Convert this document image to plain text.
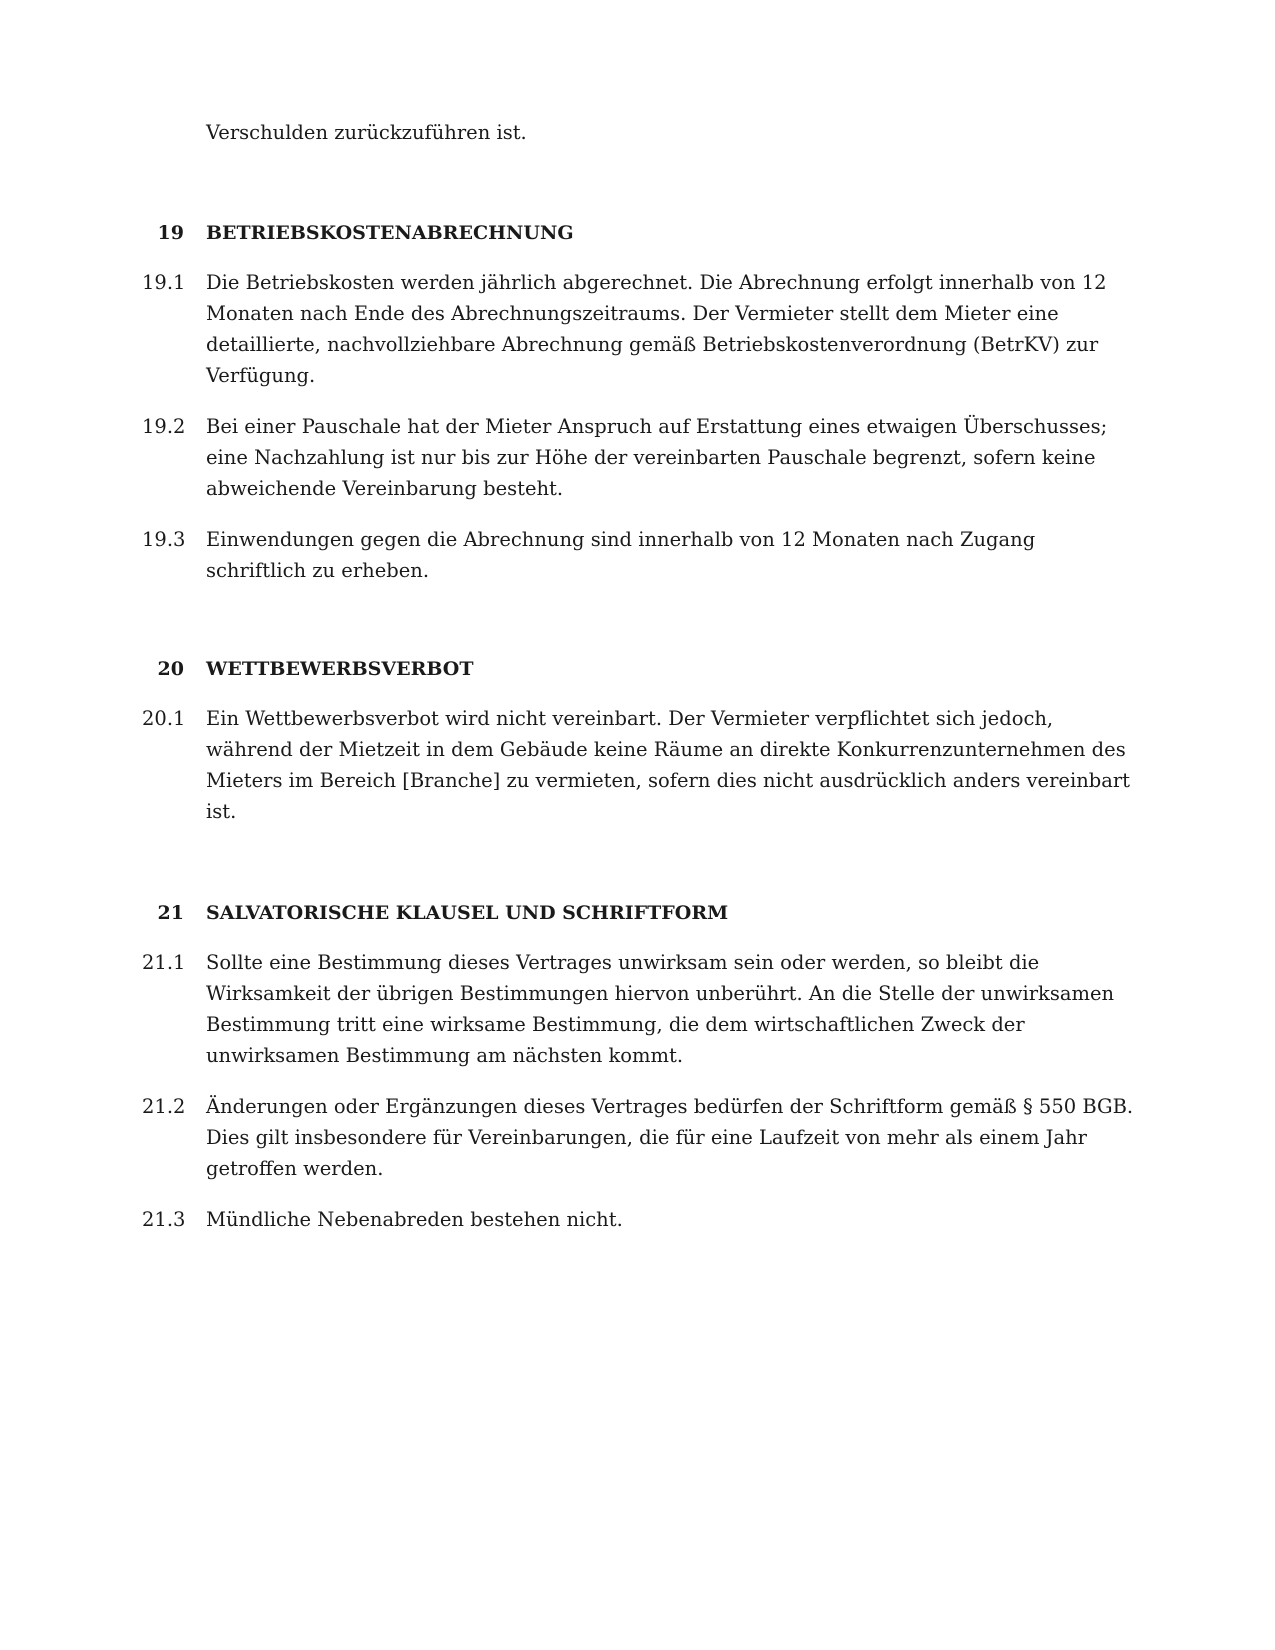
Verschulden zurückzuführen ist.
19 BETRIEBSKOSTENABRECHNUNG
19.1 Die Betriebskosten werden jährlich abgerechnet. Die Abrechnung erfolgt innerhalb von 12 Monaten nach Ende des Abrechnungszeitraums. Der Vermieter stellt dem Mieter eine detaillierte, nachvollziehbare Abrechnung gemäß Betriebskostenverordnung (BetrKV) zur Verfügung.
19.2 Bei einer Pauschale hat der Mieter Anspruch auf Erstattung eines etwaigen Überschusses; eine Nachzahlung ist nur bis zur Höhe der vereinbarten Pauschale begrenzt, sofern keine abweichende Vereinbarung besteht.
19.3 Einwendungen gegen die Abrechnung sind innerhalb von 12 Monaten nach Zugang schriftlich zu erheben.
20 WETTBEWERBSVERBOT
20.1 Ein Wettbewerbsverbot wird nicht vereinbart. Der Vermieter verpflichtet sich jedoch, während der Mietzeit in dem Gebäude keine Räume an direkte Konkurrenzunternehmen des Mieters im Bereich [Branche] zu vermieten, sofern dies nicht ausdrücklich anders vereinbart ist.
21 SALVATORISCHE KLAUSEL UND SCHRIFTFORM
21.1 Sollte eine Bestimmung dieses Vertrages unwirksam sein oder werden, so bleibt die Wirksamkeit der übrigen Bestimmungen hiervon unberührt. An die Stelle der unwirksamen Bestimmung tritt eine wirksame Bestimmung, die dem wirtschaftlichen Zweck der unwirksamen Bestimmung am nächsten kommt.
21.2 Änderungen oder Ergänzungen dieses Vertrages bedürfen der Schriftform gemäß § 550 BGB. Dies gilt insbesondere für Vereinbarungen, die für eine Laufzeit von mehr als einem Jahr getroffen werden.
21.3 Mündliche Nebenabreden bestehen nicht.
